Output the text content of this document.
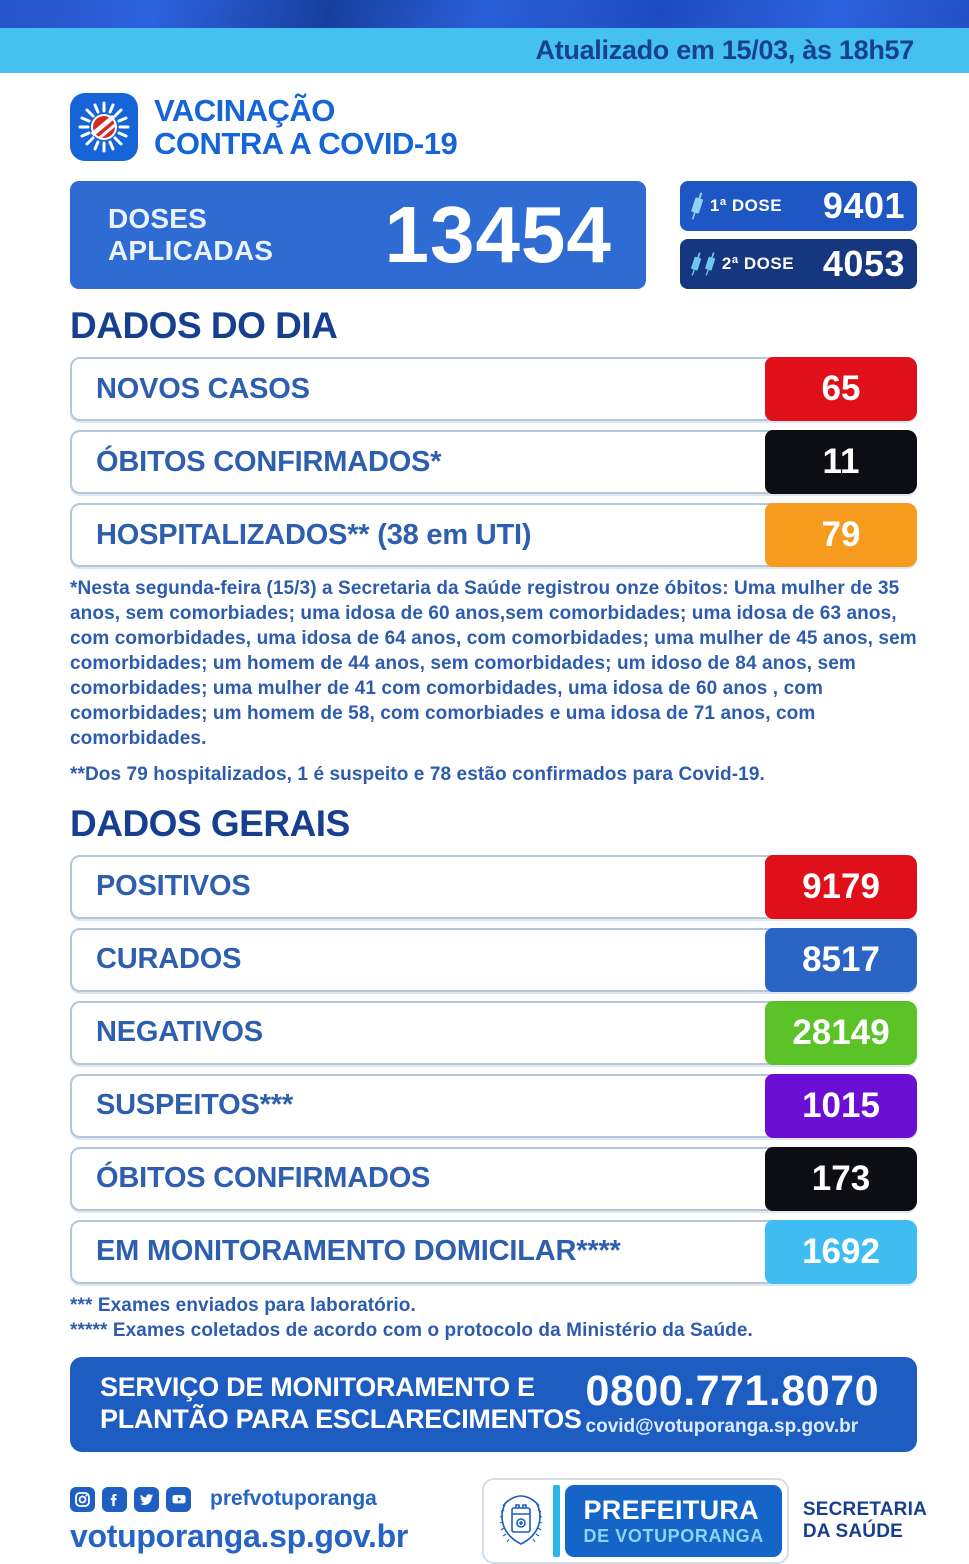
Atualizado em 15/03, às 18h57
VACINAÇÃO
CONTRA A COVID-19
DOSES
APLICADAS 13454	1ª DOSE 9401
2ª DOSE 4053
DADOS DO DIA
NOVOS CASOS	65
ÓBITOS CONFIRMADOS*	11
HOSPITALIZADOS** (38 em UTI)	79

*Nesta segunda-feira (15/3) a Secretaria da Saúde registrou onze óbitos: Uma mulher de 35 anos, sem comorbiades; uma idosa de 60 anos,sem comorbidades; uma idosa de 63 anos, com comorbidades, uma idosa de 64 anos, com comorbidades; uma mulher de 45 anos, sem comorbidades; um homem de 44 anos, sem comorbidades; um idoso de 84 anos, sem comorbidades; uma mulher de 41 com comorbidades, uma idosa de 60 anos , com comorbidades; um homem de 58, com comorbiades e uma idosa de 71 anos, com comorbidades.

**Dos 79 hospitalizados, 1 é suspeito e 78 estão confirmados para Covid-19.

DADOS GERAIS
POSITIVOS	9179
CURADOS	8517
NEGATIVOS	28149
SUSPEITOS***	1015
ÓBITOS CONFIRMADOS	173
EM MONITORAMENTO DOMICILAR****	1692

*** Exames enviados para laboratório.

***** Exames coletados de acordo com o protocolo da Ministério da Saúde.

SERVIÇO DE MONITORAMENTO E
PLANTÃO PARA ESCLARECIMENTOS
0800.771.8070
covid@votuporanga.sp.gov.br
prefvotuporanga
votuporanga.sp.gov.br
PREFEITURA
DE VOTUPORANGA
SECRETARIA
DA SAÚDE
